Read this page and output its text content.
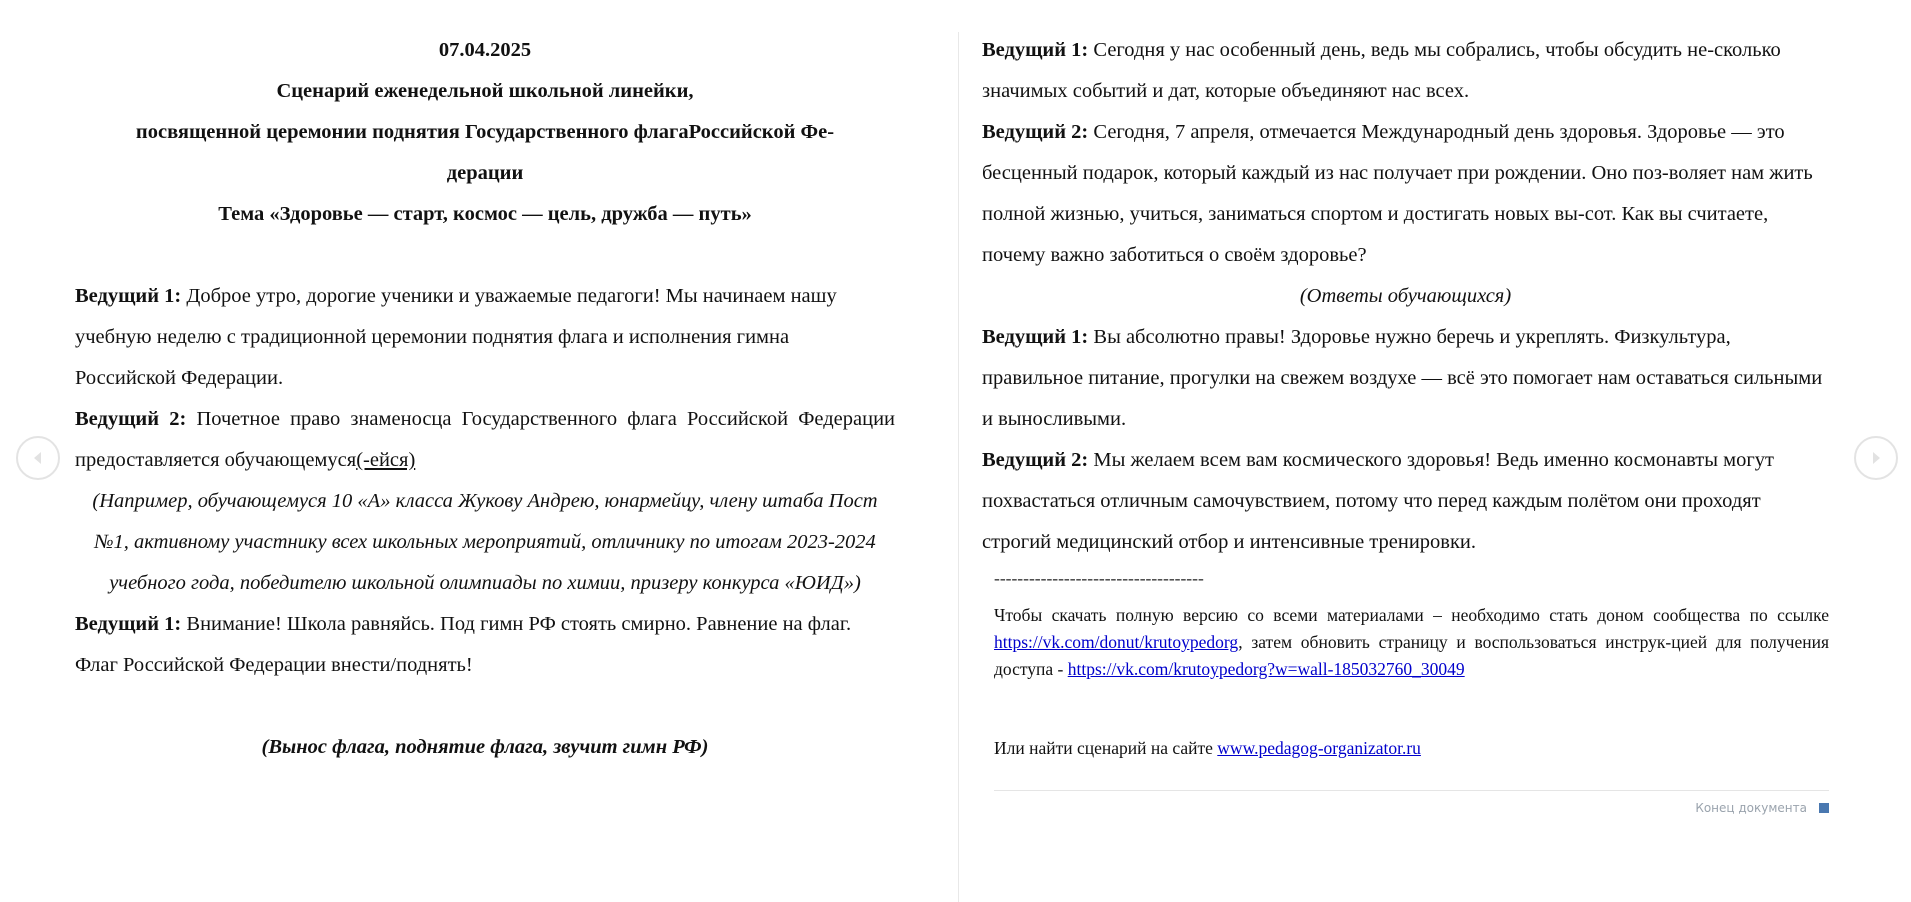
07.04.2025

Сценарий еженедельной школьной линейки,

посвященной церемонии поднятия Государственного флагаРоссийской Фе-

дерации

Тема «Здоровье — старт, космос — цель, дружба — путь»

Ведущий 1: Доброе утро, дорогие ученики и уважаемые педагоги! Мы начинаем нашу учебную неделю с традиционной церемонии поднятия флага и исполнения гимна Российской Федерации.

Ведущий 2: Почетное право знаменосца Государственного флага Российской Федерации предоставляется обучающемуся(-ейся)

(Например, обучающемуся 10 «А» класса Жукову Андрею, юнармейцу, члену штаба Пост №1, активному участнику всех школьных мероприятий, отличнику по итогам 2023-2024 учебного года, победителю школьной олимпиады по химии, призеру конкурса «ЮИД»)

Ведущий 1: Внимание! Школа равняйсь. Под гимн РФ стоять смирно. Равнение на флаг. Флаг Российской Федерации внести/поднять!

(Вынос флага, поднятие флага, звучит гимн РФ)

Ведущий 1: Сегодня у нас особенный день, ведь мы собрались, чтобы обсудить не-сколько значимых событий и дат, которые объединяют нас всех.

Ведущий 2: Сегодня, 7 апреля, отмечается Международный день здоровья. Здоровье — это бесценный подарок, который каждый из нас получает при рождении. Оно поз-воляет нам жить полной жизнью, учиться, заниматься спортом и достигать новых вы-сот. Как вы считаете, почему важно заботиться о своём здоровье?

(Ответы обучающихся)

Ведущий 1: Вы абсолютно правы! Здоровье нужно беречь и укреплять. Физкультура, правильное питание, прогулки на свежем воздухе — всё это помогает нам оставаться сильными и выносливыми.

Ведущий 2: Мы желаем всем вам космического здоровья! Ведь именно космонавты могут похвастаться отличным самочувствием, потому что перед каждым полётом они проходят строгий медицинский отбор и интенсивные тренировки.

------------------------------------

Чтобы скачать полную версию со всеми материалами – необходимо стать доном сообщества по ссылке https://vk.com/donut/krutoypedorg, затем обновить страницу и воспользоваться инструк-цией для получения доступа - https://vk.com/krutoypedorg?w=wall-185032760_30049

Или найти сценарий на сайте www.pedagog-organizator.ru

Конец документа
